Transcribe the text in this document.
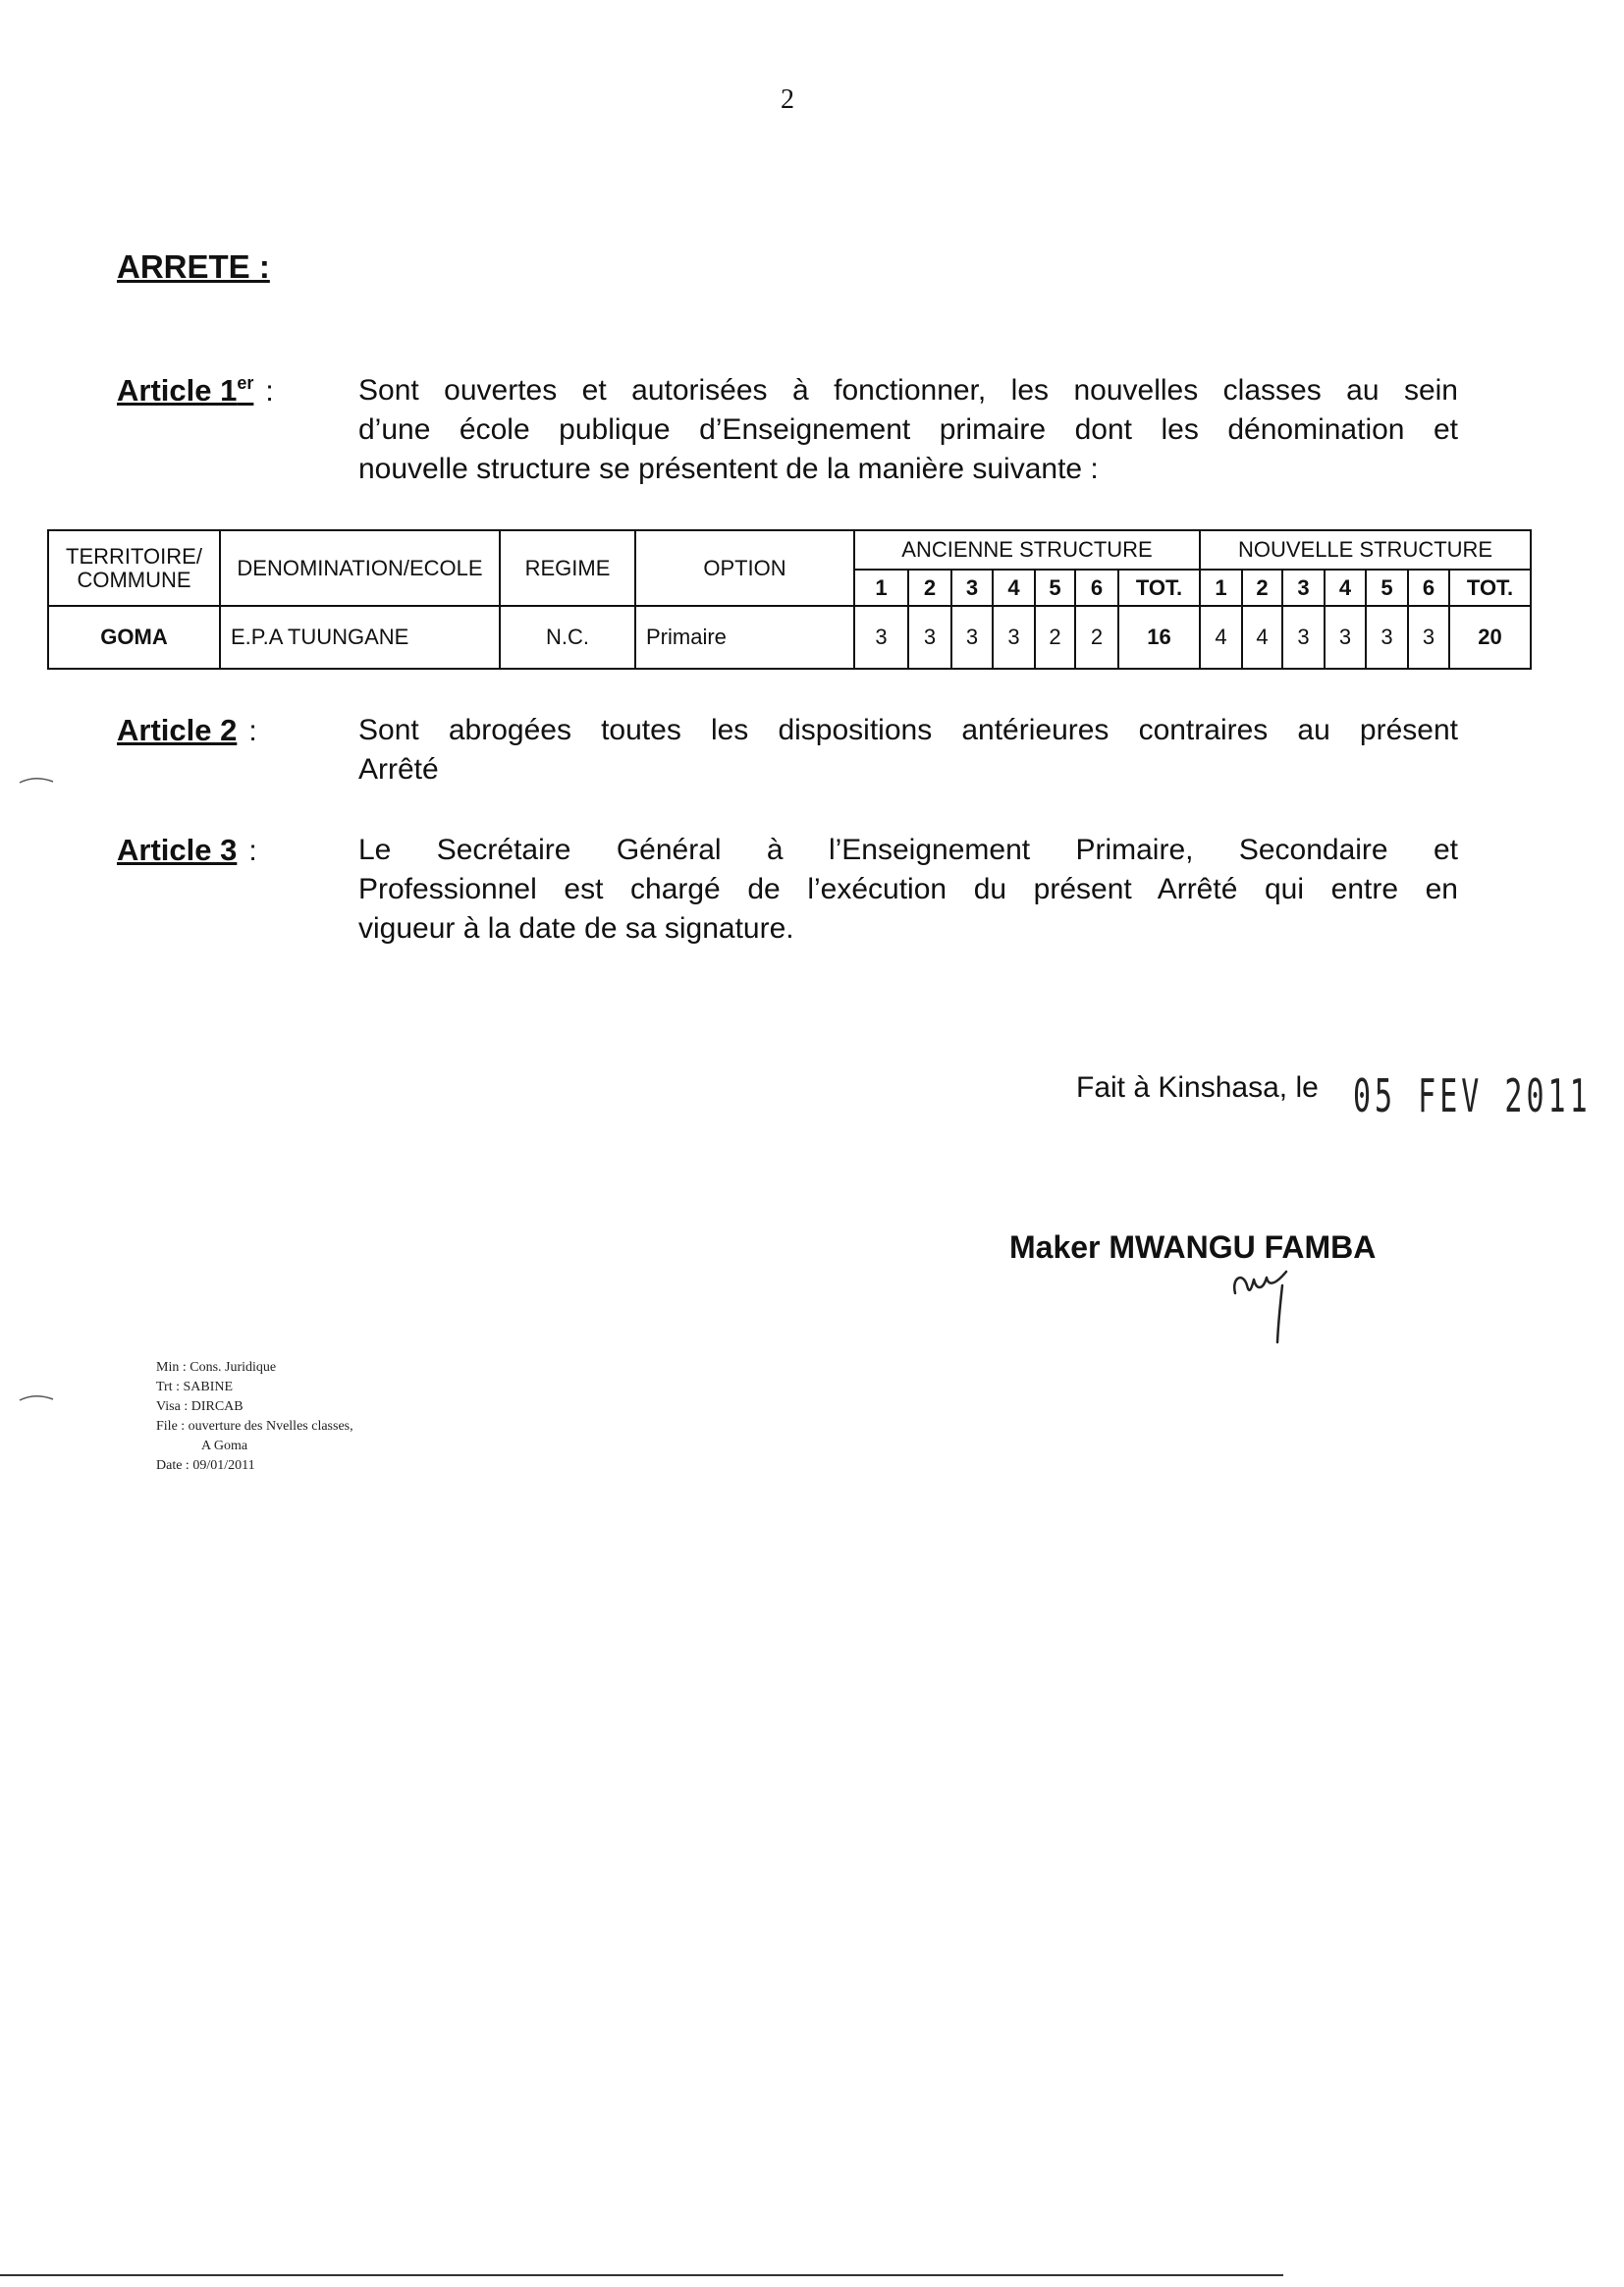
2
ARRETE :
Article 1er :	Sont ouvertes et autorisées à fonctionner, les nouvelles classes au sein
d’une école publique d’Enseignement primaire dont les dénomination et
nouvelle structure se présentent de la manière suivante :
TERRITOIRE/
COMMUNE	DENOMINATION/ECOLE	REGIME	OPTION	ANCIENNE STRUCTURE							NOUVELLE STRUCTURE						
				1	2	3	4	5	6	TOT.	1	2	3	4	5	6	TOT.
GOMA	E.P.A TUUNGANE	N.C.	Primaire	3	3	3	3	2	2	16	4	4	3	3	3	3	20
Article 2 :	Sont abrogées toutes les dispositions antérieures contraires au présent
Arrêté
Article 3 :	Le Secrétaire Général à l’Enseignement Primaire, Secondaire et
Professionnel est chargé de l’exécution du présent Arrêté qui entre en
vigueur à la date de sa signature.
Fait à Kinshasa, le 05 FEV 2011
Maker MWANGU FAMBA
Min : Cons. Juridique
Trt : SABINE
Visa : DIRCAB
File : ouverture des Nvelles classes,
A Goma
Date : 09/01/2011
